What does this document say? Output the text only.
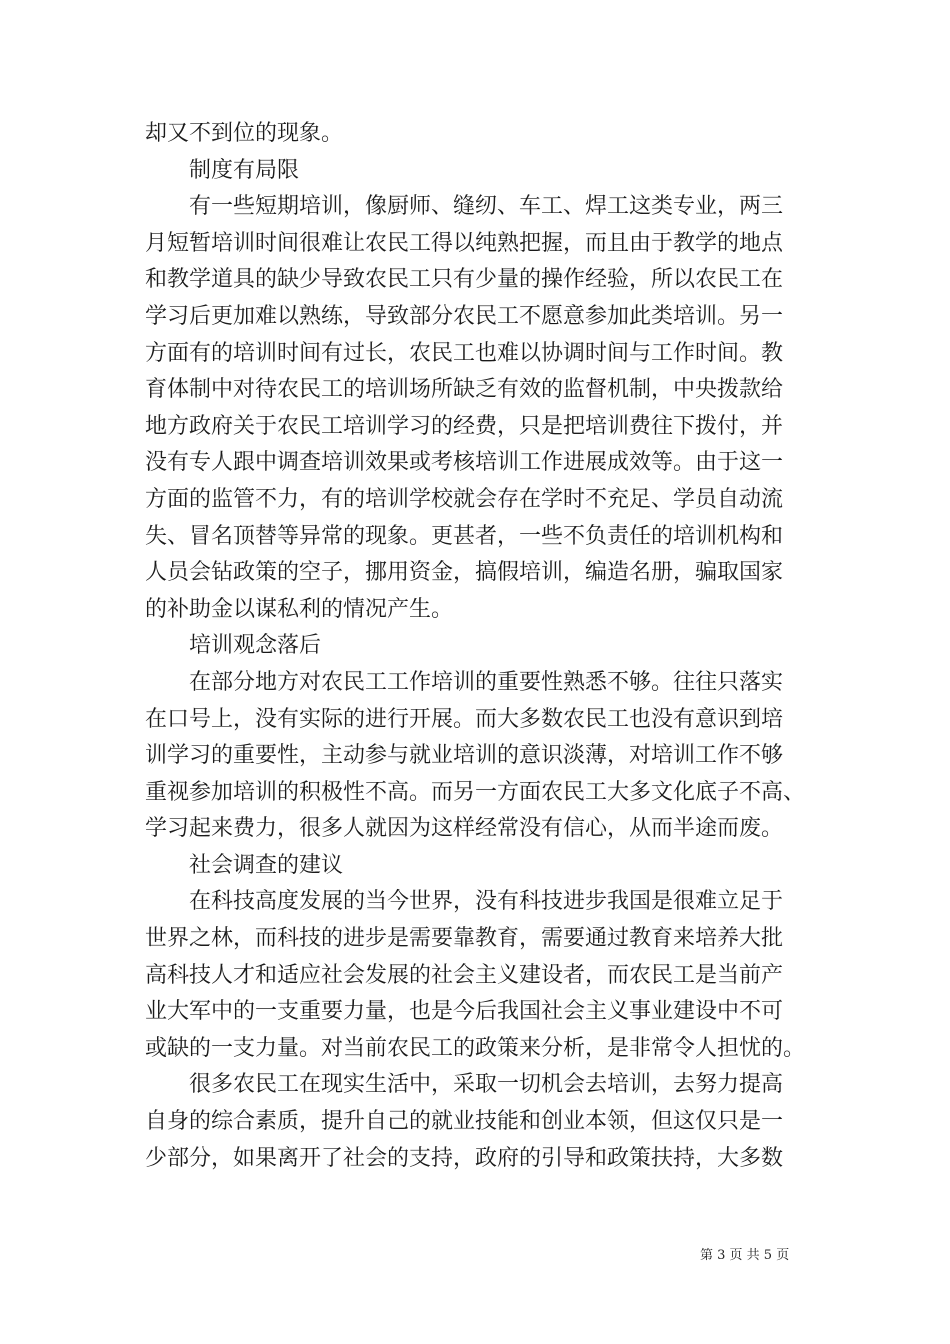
却又不到位的现象。
制度有局限
有一些短期培训，像厨师、缝纫、车工、焊工这类专业，两三
月短暂培训时间很难让农民工得以纯熟把握，而且由于教学的地点
和教学道具的缺少导致农民工只有少量的操作经验，所以农民工在
学习后更加难以熟练，导致部分农民工不愿意参加此类培训。另一
方面有的培训时间有过长，农民工也难以协调时间与工作时间。教
育体制中对待农民工的培训场所缺乏有效的监督机制，中央拨款给
地方政府关于农民工培训学习的经费，只是把培训费往下拨付，并
没有专人跟中调查培训效果或考核培训工作进展成效等。由于这一
方面的监管不力，有的培训学校就会存在学时不充足、学员自动流
失、冒名顶替等异常的现象。更甚者，一些不负责任的培训机构和
人员会钻政策的空子，挪用资金，搞假培训，编造名册，骗取国家
的补助金以谋私利的情况产生。
培训观念落后
在部分地方对农民工工作培训的重要性熟悉不够。往往只落实
在口号上，没有实际的进行开展。而大多数农民工也没有意识到培
训学习的重要性，主动参与就业培训的意识淡薄，对培训工作不够
重视参加培训的积极性不高。而另一方面农民工大多文化底子不高、
学习起来费力，很多人就因为这样经常没有信心，从而半途而废。
社会调查的建议
在科技高度发展的当今世界，没有科技进步我国是很难立足于
世界之林，而科技的进步是需要靠教育，需要通过教育来培养大批
高科技人才和适应社会发展的社会主义建设者，而农民工是当前产
业大军中的一支重要力量，也是今后我国社会主义事业建设中不可
或缺的一支力量。对当前农民工的政策来分析，是非常令人担忧的。
很多农民工在现实生活中，采取一切机会去培训，去努力提高
自身的综合素质，提升自己的就业技能和创业本领，但这仅只是一
少部分，如果离开了社会的支持，政府的引导和政策扶持，大多数
第 3 页 共 5 页
